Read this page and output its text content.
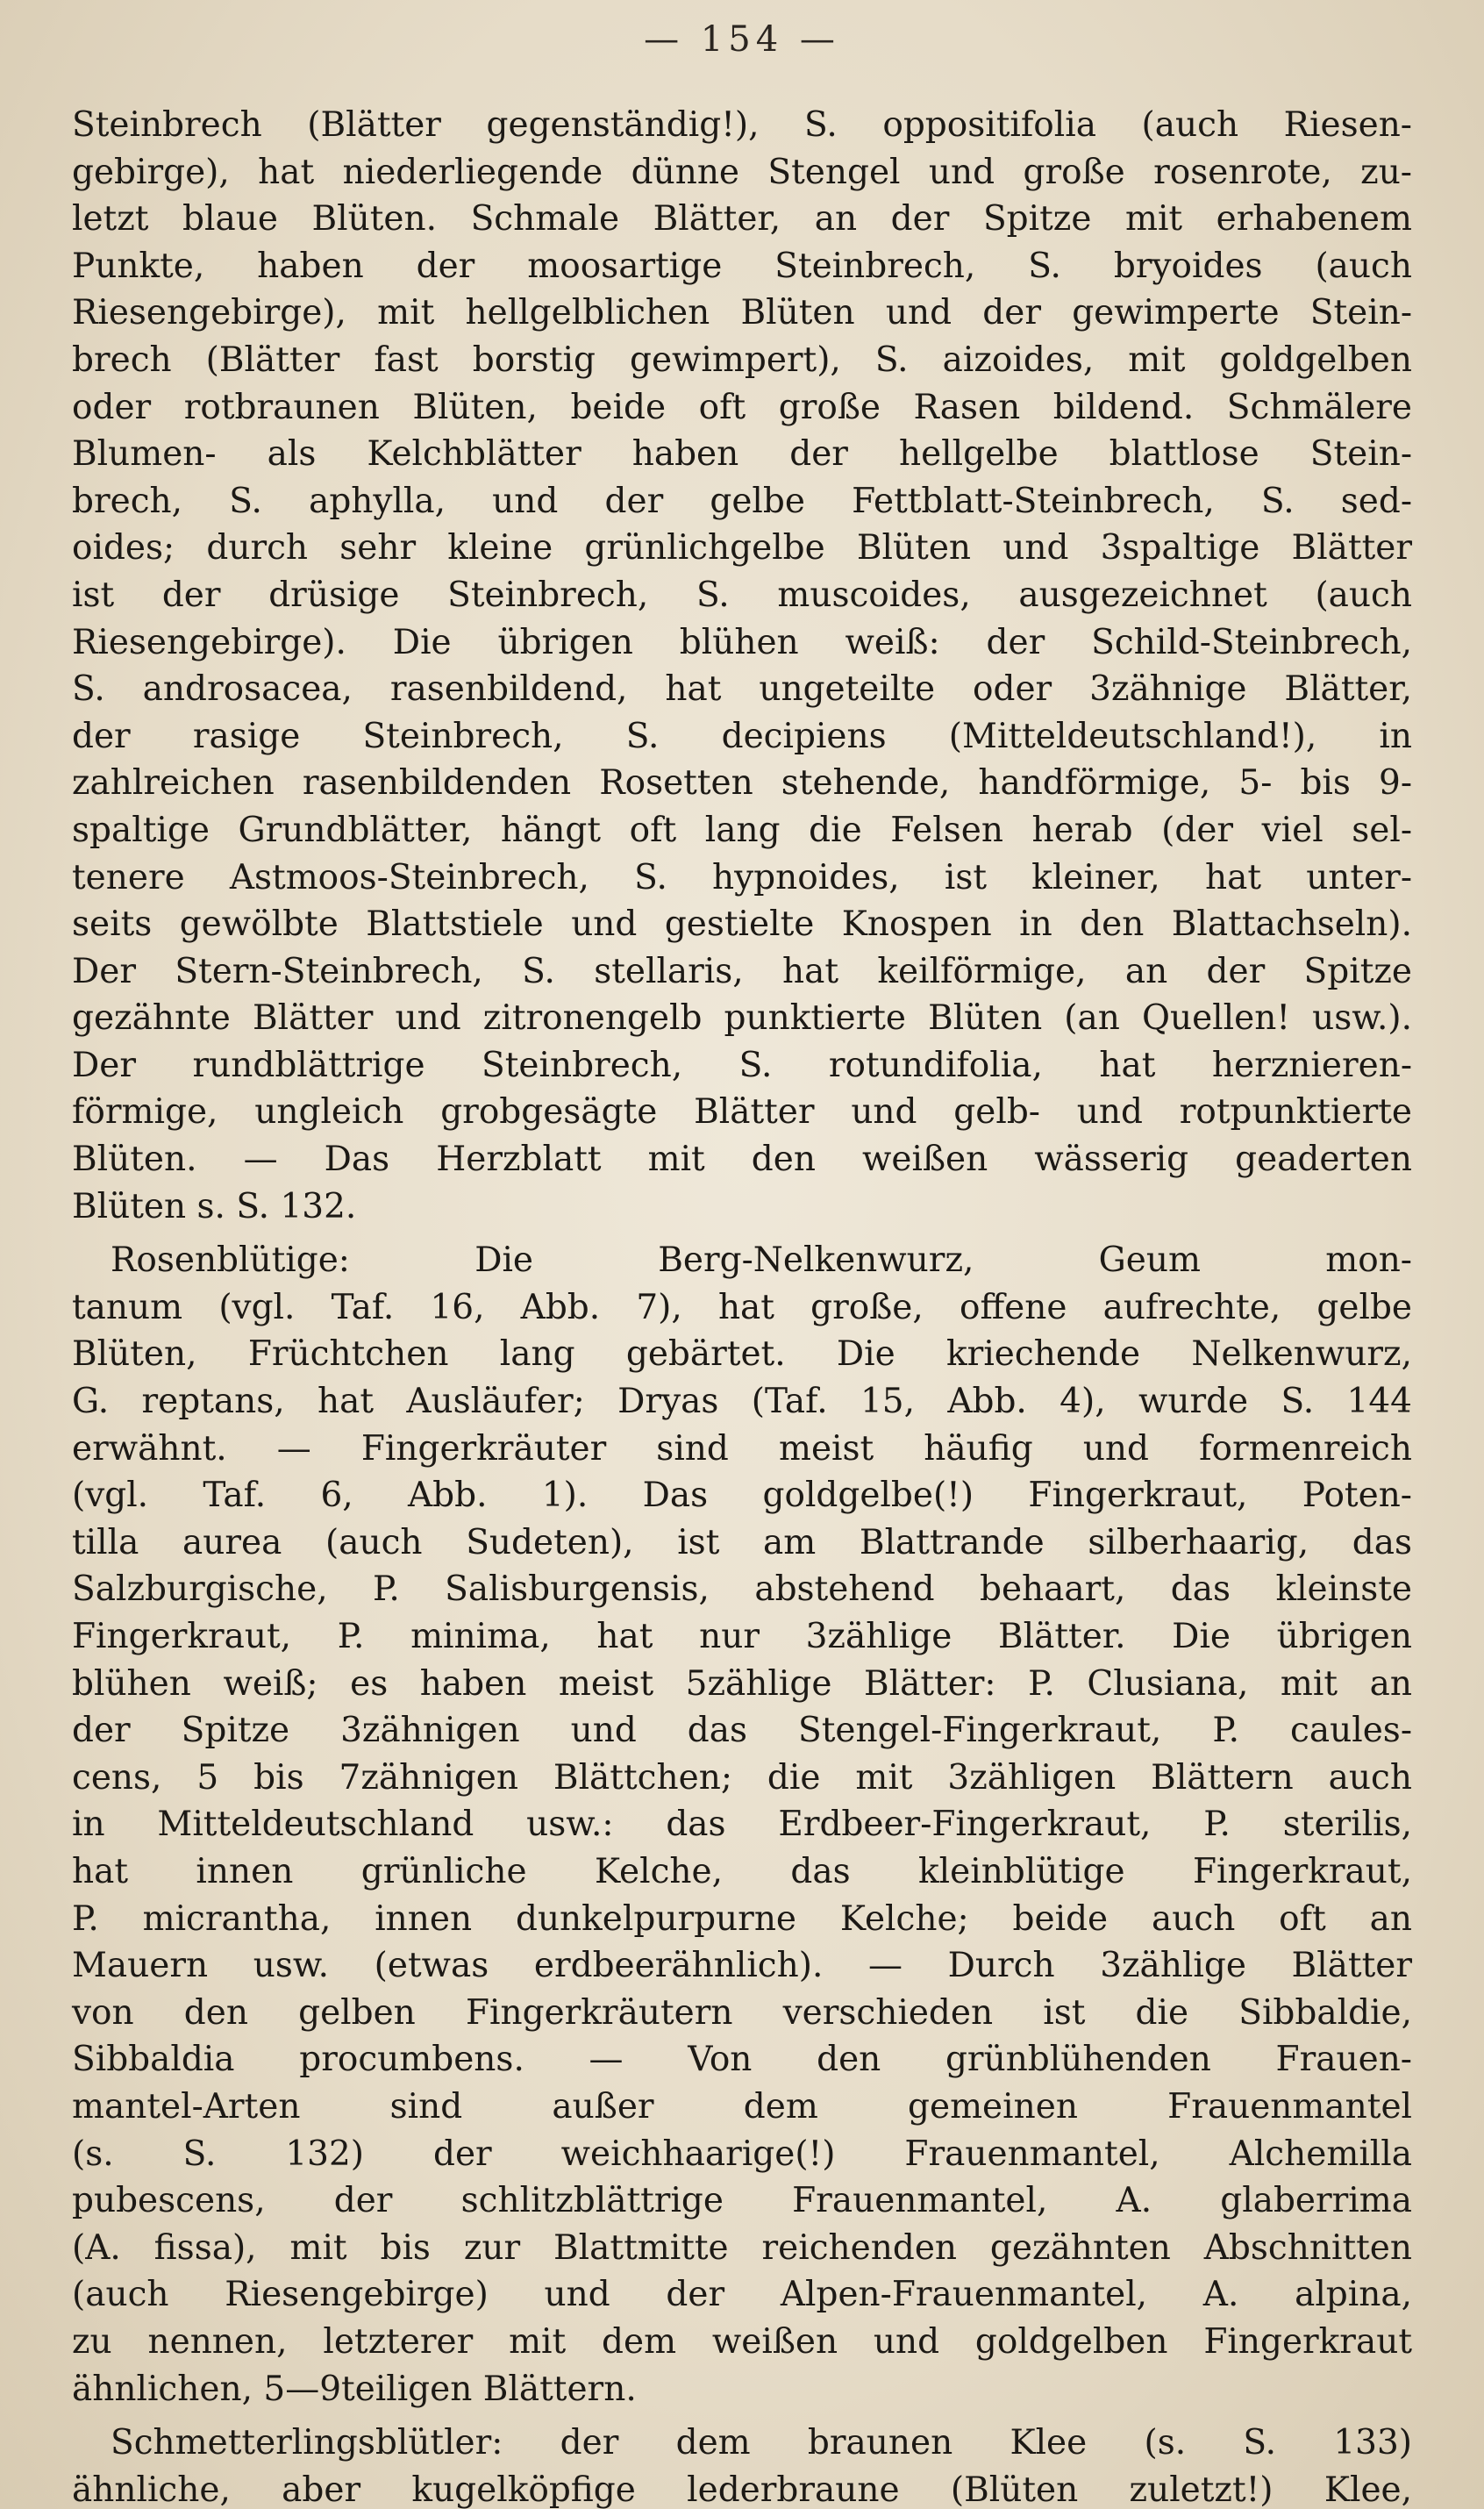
— 154 —
Steinbrech (Blätter gegenständig!), S. oppositifolia (auch Riesen-
gebirge), hat niederliegende dünne Stengel und große rosenrote, zu-
letzt blaue Blüten. Schmale Blätter, an der Spitze mit erhabenem
Punkte, haben der moosartige Steinbrech, S. bryoides (auch
Riesengebirge), mit hellgelblichen Blüten und der gewimperte Stein-
brech (Blätter fast borstig gewimpert), S. aizoides, mit goldgelben
oder rotbraunen Blüten, beide oft große Rasen bildend. Schmälere
Blumen- als Kelchblätter haben der hellgelbe blattlose Stein-
brech, S. aphylla, und der gelbe Fettblatt-Steinbrech, S. sed-
oides; durch sehr kleine grünlichgelbe Blüten und 3spaltige Blätter
ist der drüsige Steinbrech, S. muscoides, ausgezeichnet (auch
Riesengebirge). Die übrigen blühen weiß: der Schild-Steinbrech,
S. androsacea, rasenbildend, hat ungeteilte oder 3zähnige Blätter,
der rasige Steinbrech, S. decipiens (Mitteldeutschland!), in
zahlreichen rasenbildenden Rosetten stehende, handförmige, 5- bis 9-
spaltige Grundblätter, hängt oft lang die Felsen herab (der viel sel-
tenere Astmoos-Steinbrech, S. hypnoides, ist kleiner, hat unter-
seits gewölbte Blattstiele und gestielte Knospen in den Blattachseln).
Der Stern-Steinbrech, S. stellaris, hat keilförmige, an der Spitze
gezähnte Blätter und zitronengelb punktierte Blüten (an Quellen! usw.).
Der rundblättrige Steinbrech, S. rotundifolia, hat herznieren-
förmige, ungleich grobgesägte Blätter und gelb- und rotpunktierte
Blüten. — Das Herzblatt mit den weißen wässerig geaderten
Blüten s. S. 132.
Rosenblütige: Die Berg-Nelkenwurz, Geum mon-
tanum (vgl. Taf. 16, Abb. 7), hat große, offene aufrechte, gelbe
Blüten, Früchtchen lang gebärtet. Die kriechende Nelkenwurz,
G. reptans, hat Ausläufer; Dryas (Taf. 15, Abb. 4), wurde S. 144
erwähnt. — Fingerkräuter sind meist häufig und formenreich
(vgl. Taf. 6, Abb. 1). Das goldgelbe(!) Fingerkraut, Poten-
tilla aurea (auch Sudeten), ist am Blattrande silberhaarig, das
Salzburgische, P. Salisburgensis, abstehend behaart, das kleinste
Fingerkraut, P. minima, hat nur 3zählige Blätter. Die übrigen
blühen weiß; es haben meist 5zählige Blätter: P. Clusiana, mit an
der Spitze 3zähnigen und das Stengel-Fingerkraut, P. caules-
cens, 5 bis 7zähnigen Blättchen; die mit 3zähligen Blättern auch
in Mitteldeutschland usw.: das Erdbeer-Fingerkraut, P. sterilis,
hat innen grünliche Kelche, das kleinblütige Fingerkraut,
P. micrantha, innen dunkelpurpurne Kelche; beide auch oft an
Mauern usw. (etwas erdbeerähnlich). — Durch 3zählige Blätter
von den gelben Fingerkräutern verschieden ist die Sibbaldie,
Sibbaldia procumbens. — Von den grünblühenden Frauen-
mantel-Arten sind außer dem gemeinen Frauenmantel
(s. S. 132) der weichhaarige(!) Frauenmantel, Alchemilla
pubescens, der schlitzblättrige Frauenmantel, A. glaberrima
(A. fissa), mit bis zur Blattmitte reichenden gezähnten Abschnitten
(auch Riesengebirge) und der Alpen-Frauenmantel, A. alpina,
zu nennen, letzterer mit dem weißen und goldgelben Fingerkraut
ähnlichen, 5—9teiligen Blättern.
Schmetterlingsblütler: der dem braunen Klee (s. S. 133)
ähnliche, aber kugelköpfige lederbraune (Blüten zuletzt!) Klee,
